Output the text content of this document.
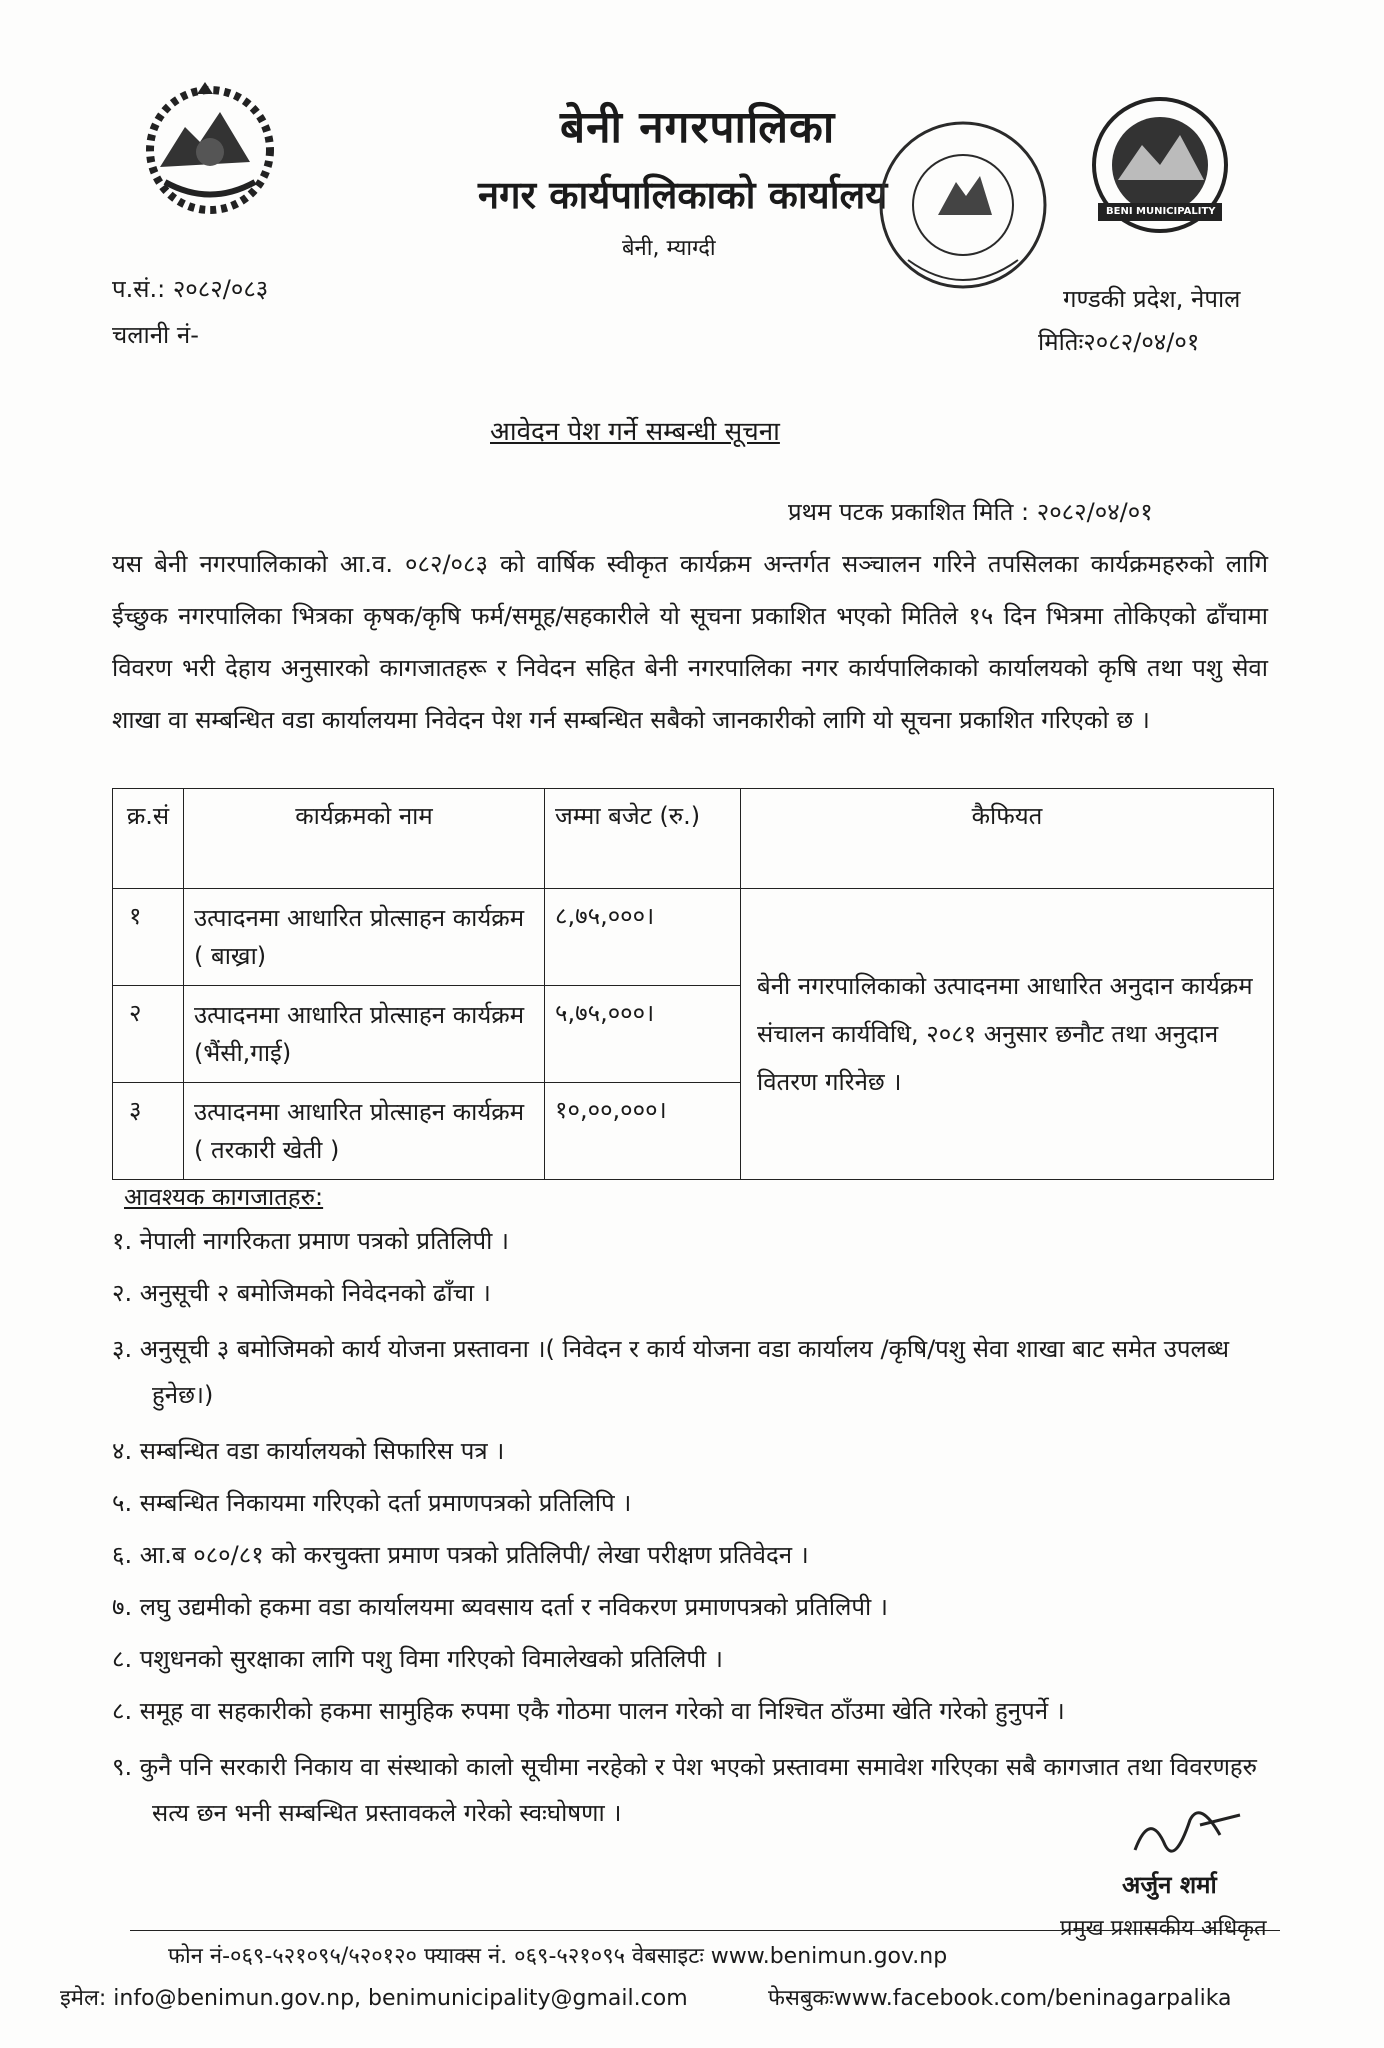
बेनी नगरपालिका
नगर कार्यपालिकाको कार्यालय
बेनी, म्याग्दी
BENI MUNICIPALITY
प.सं.: २०८२/०८३
चलानी नं-
गण्डकी प्रदेश, नेपाल
मितिः२०८२/०४/०१
आवेदन पेश गर्ने सम्बन्धी सूचना
प्रथम पटक प्रकाशित मिति : २०८२/०४/०१
यस बेनी नगरपालिकाको आ.व. ०८२/०८३ को वार्षिक स्वीकृत कार्यक्रम अन्तर्गत सञ्चालन गरिने तपसिलका कार्यक्रमहरुको लागि ईच्छुक नगरपालिका भित्रका कृषक/कृषि फर्म/समूह/सहकारीले यो सूचना प्रकाशित भएको मितिले १५ दिन भित्रमा तोकिएको ढाँचामा विवरण भरी देहाय अनुसारको कागजातहरू र निवेदन सहित बेनी नगरपालिका नगर कार्यपालिकाको कार्यालयको कृषि तथा पशु सेवा शाखा वा सम्बन्धित वडा कार्यालयमा निवेदन पेश गर्न सम्बन्धित सबैको जानकारीको लागि यो सूचना प्रकाशित गरिएको छ ।
क्र.सं	कार्यक्रमको नाम	जम्मा बजेट (रु.)	कैफियत
१	उत्पादनमा आधारित प्रोत्साहन कार्यक्रम ( बाख्रा)	८,७५,०००।	बेनी नगरपालिकाको उत्पादनमा आधारित अनुदान कार्यक्रम संचालन कार्यविधि, २०८१ अनुसार छनौट तथा अनुदान वितरण गरिनेछ ।
२	उत्पादनमा आधारित प्रोत्साहन कार्यक्रम (भैंसी,गाई)	५,७५,०००।	
३	उत्पादनमा आधारित प्रोत्साहन कार्यक्रम ( तरकारी खेती )	१०,००,०००।	
आवश्यक कागजातहरु:
१. नेपाली नागरिकता प्रमाण पत्रको प्रतिलिपी ।
२. अनुसूची २ बमोजिमको निवेदनको ढाँचा ।
३. अनुसूची ३ बमोजिमको कार्य योजना प्रस्तावना ।( निवेदन र कार्य योजना वडा कार्यालय /कृषि/पशु सेवा शाखा बाट समेत उपलब्ध हुनेछ।)
४. सम्बन्धित वडा कार्यालयको सिफारिस पत्र ।
५. सम्बन्धित निकायमा गरिएको दर्ता प्रमाणपत्रको प्रतिलिपि ।
६. आ.ब ०८०/८१ को करचुक्ता प्रमाण पत्रको प्रतिलिपी/ लेखा परीक्षण प्रतिवेदन ।
७. लघु उद्यमीको हकमा वडा कार्यालयमा ब्यवसाय दर्ता र नविकरण प्रमाणपत्रको प्रतिलिपी ।
८. पशुधनको सुरक्षाका लागि पशु विमा गरिएको विमालेखको प्रतिलिपी ।
८. समूह वा सहकारीको हकमा सामुहिक रुपमा एकै गोठमा पालन गरेको वा निश्चित ठाँउमा खेति गरेको हुनुपर्ने ।
९. कुनै पनि सरकारी निकाय वा संस्थाको कालो सूचीमा नरहेको र पेश भएको प्रस्तावमा समावेश गरिएका सबै कागजात तथा विवरणहरु सत्य छन भनी सम्बन्धित प्रस्तावकले गरेको स्वःघोषणा ।
अर्जुन शर्मा
प्रमुख प्रशासकीय अधिकृत
फोन नं-०६९-५२१०९५/५२०१२० फ्याक्स नं. ०६९-५२१०९५ वेबसाइटः www.benimun.gov.np
इमेल: info@benimun.gov.np, benimunicipality@gmail.com	फेसबुकःwww.facebook.com/beninagarpalika
